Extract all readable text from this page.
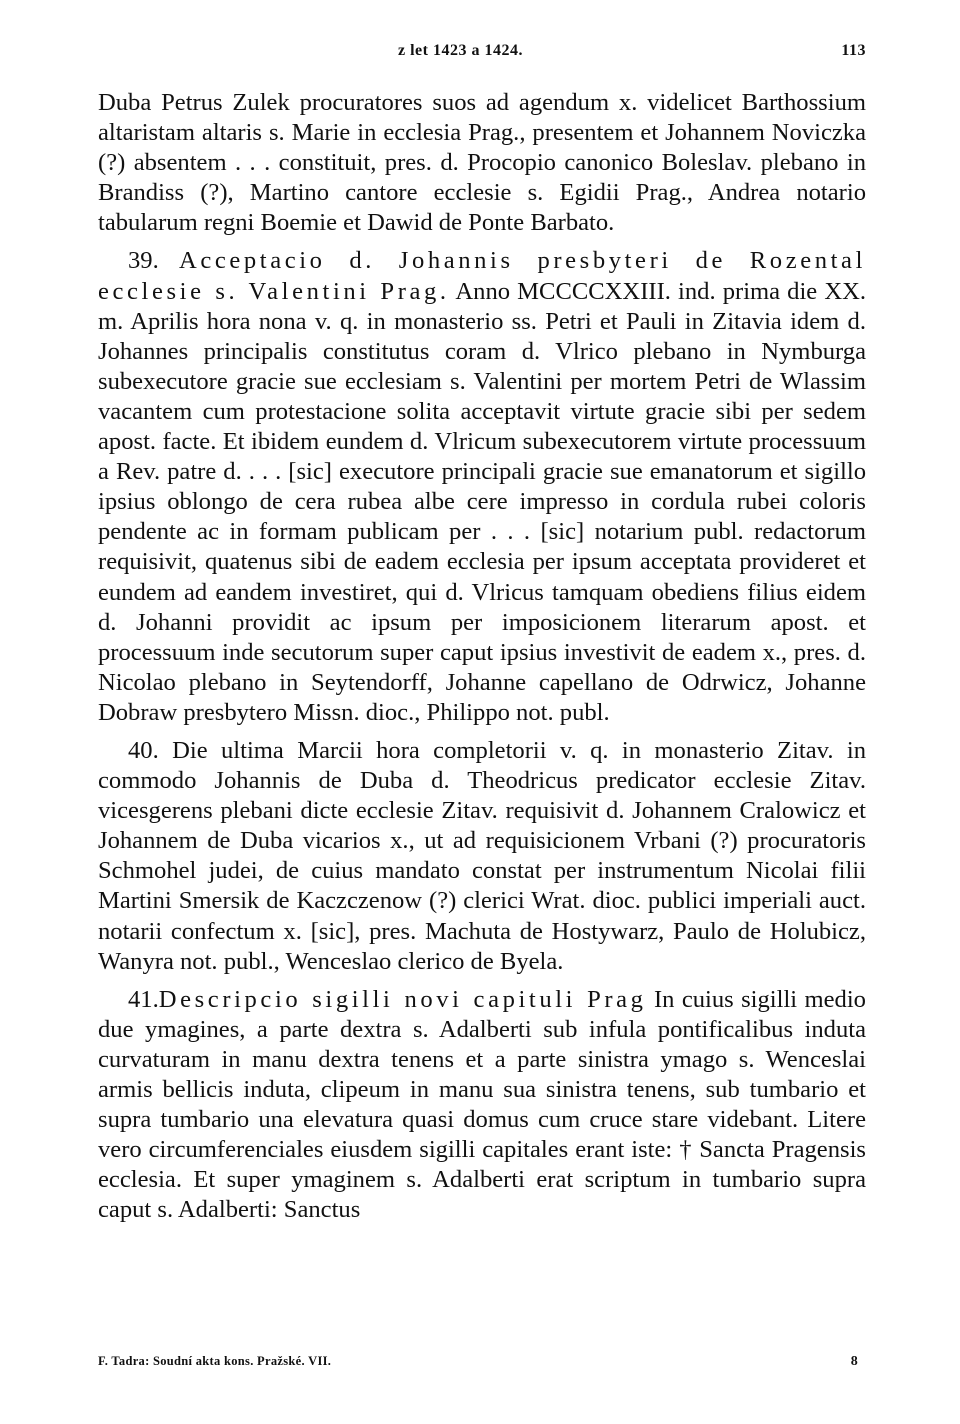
z let 1423 a 1424.	113

Duba Petrus Zulek procuratores suos ad agendum x. videlicet Barthossium altaristam altaris s. Marie in ecclesia Prag., presentem et Johannem Noviczka (?) absentem . . . constituit, pres. d. Procopio canonico Boleslav. plebano in Brandiss (?), Martino cantore ecclesie s. Egidii Prag., Andrea notario tabularum regni Boemie et Dawid de Ponte Barbato.

39. Acceptacio d. Johannis presbyteri de Rozental ecclesie s. Valentini Prag. Anno MCCCCXXIII. ind. prima die XX. m. Aprilis hora nona v. q. in monasterio ss. Petri et Pauli in Zitavia idem d. Johannes principalis constitutus coram d. Vlrico plebano in Nymburga subexecutore gracie sue ecclesiam s. Valentini per mortem Petri de Wlassim vacantem cum protestacione solita acceptavit virtute gracie sibi per sedem apost. facte. Et ibidem eundem d. Vlricum subexecutorem virtute processuum a Rev. patre d. . . . [sic] executore principali gracie sue emanatorum et sigillo ipsius oblongo de cera rubea albe cere impresso in cordula rubei coloris pendente ac in formam publicam per . . . [sic] notarium publ. redactorum requisivit, quatenus sibi de eadem ecclesia per ipsum acceptata provideret et eundem ad eandem investiret, qui d. Vlricus tamquam obediens filius eidem d. Johanni providit ac ipsum per imposicionem literarum apost. et processuum inde secutorum super caput ipsius investivit de eadem x., pres. d. Nicolao plebano in Seytendorff, Johanne capellano de Odrwicz, Johanne Dobraw presbytero Missn. dioc., Philippo not. publ.

40. Die ultima Marcii hora completorii v. q. in monasterio Zitav. in commodo Johannis de Duba d. Theodricus predicator ecclesie Zitav. vicesgerens plebani dicte ecclesie Zitav. requisivit d. Johannem Cralowicz et Johannem de Duba vicarios x., ut ad requisicionem Vrbani (?) procuratoris Schmohel judei, de cuius mandato constat per instrumentum Nicolai filii Martini Smersik de Kaczczenow (?) clerici Wrat. dioc. publici imperiali auct. notarii confectum x. [sic], pres. Machuta de Hostywarz, Paulo de Holubicz, Wanyra not. publ., Wenceslao clerico de Byela.

41.Descripcio sigilli novi capituli Prag In cuius sigilli medio due ymagines, a parte dextra s. Adalberti sub infula pontificalibus induta curvaturam in manu dextra tenens et a parte sinistra ymago s. Wenceslai armis bellicis induta, clipeum in manu sua sinistra tenens, sub tumbario et supra tumbario una elevatura quasi domus cum cruce stare videbant. Litere vero circumferenciales eiusdem sigilli capitales erant iste: † Sancta Pragensis ecclesia. Et super ymaginem s. Adalberti erat scriptum in tumbario supra caput s. Adalberti: Sanctus

F. Tadra: Soudní akta kons. Pražské. VII.	8
